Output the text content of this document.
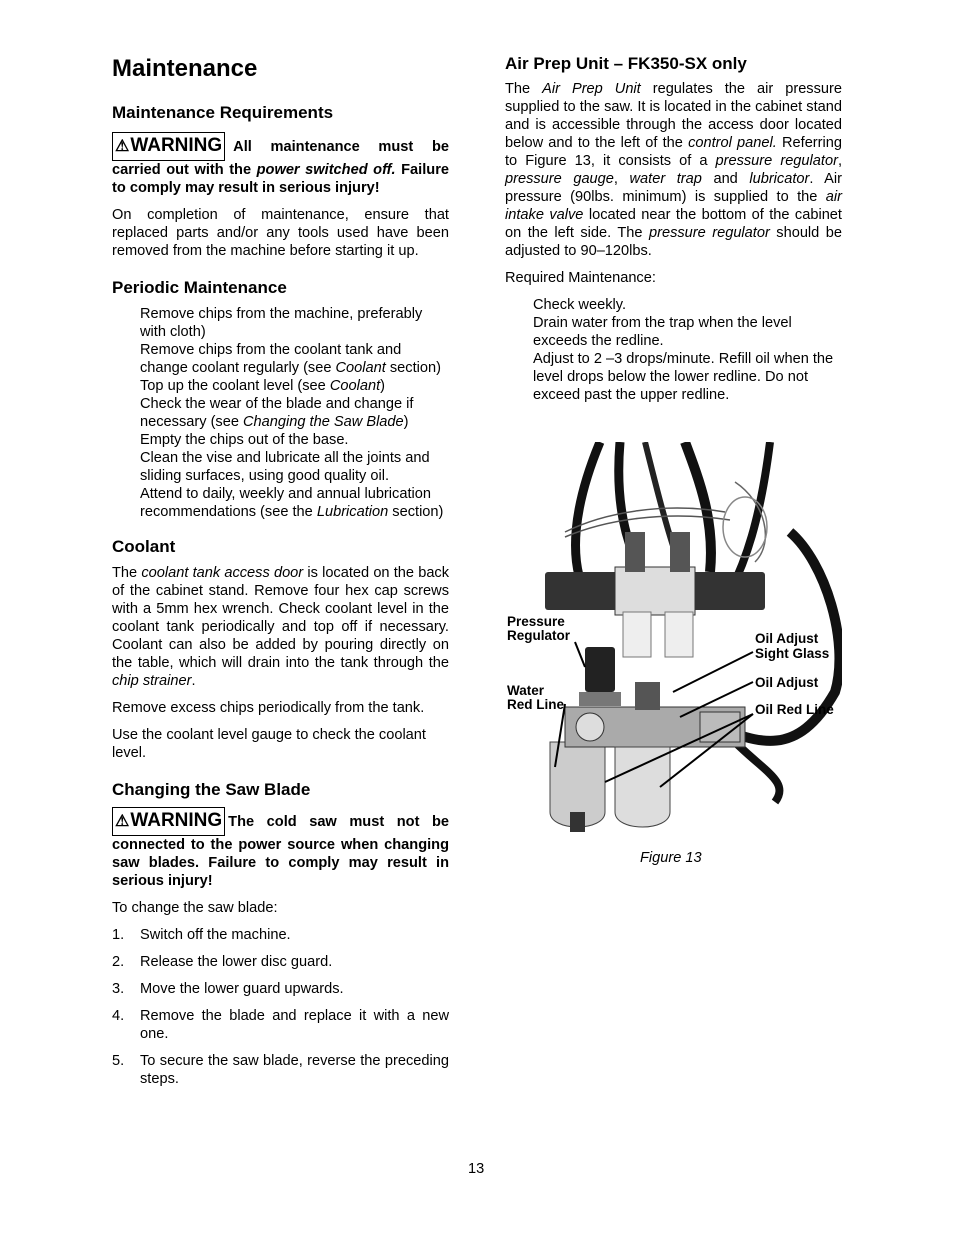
Maintenance
Maintenance Requirements
⚠WARNING All maintenance must be carried out with the power switched off. Failure to comply may result in serious injury!

On completion of maintenance, ensure that replaced parts and/or any tools used have been removed from the machine before starting it up.

Periodic Maintenance

Remove chips from the machine, preferably with cloth)

Remove chips from the coolant tank and change coolant regularly (see Coolant section)

Top up the coolant level (see Coolant)

Check the wear of the blade and change if necessary (see Changing the Saw Blade)

Empty the chips out of the base.

Clean the vise and lubricate all the joints and sliding surfaces, using good quality oil.

Attend to daily, weekly and annual lubrication recommendations (see the Lubrication section)

Coolant

The coolant tank access door is located on the back of the cabinet stand. Remove four hex cap screws with a 5mm hex wrench. Check coolant level in the coolant tank periodically and top off if necessary. Coolant can also be added by pouring directly on the table, which will drain into the tank through the chip strainer.

Remove excess chips periodically from the tank.

Use the coolant level gauge to check the coolant level.

Changing the Saw Blade
⚠WARNING The cold saw must not be connected to the power source when changing saw blades. Failure to comply may result in serious injury!

To change the saw blade:

1.	Switch off the machine.
2.	Release the lower disc guard.
3.	Move the lower guard upwards.
4.	Remove the blade and replace it with a new one.
5.	To secure the saw blade, reverse the preceding steps.
Air Prep Unit – FK350-SX only

The Air Prep Unit regulates the air pressure supplied to the saw. It is located in the cabinet stand and is accessible through the access door located below and to the left of the control panel. Referring to Figure 13, it consists of a pressure regulator, pressure gauge, water trap and lubricator. Air pressure (90lbs. minimum) is supplied to the air intake valve located near the bottom of the cabinet on the left side. The pressure regulator should be adjusted to 90–120lbs.

Required Maintenance:

Check weekly.

Drain water from the trap when the level exceeds the redline.

Adjust to 2 –3 drops/minute. Refill oil when the level drops below the lower redline. Do not exceed past the upper redline.

Pressure
Regulator
Water
Red Line
Oil Adjust
Sight Glass
Oil Adjust
Oil Red Line
Figure 13
13
